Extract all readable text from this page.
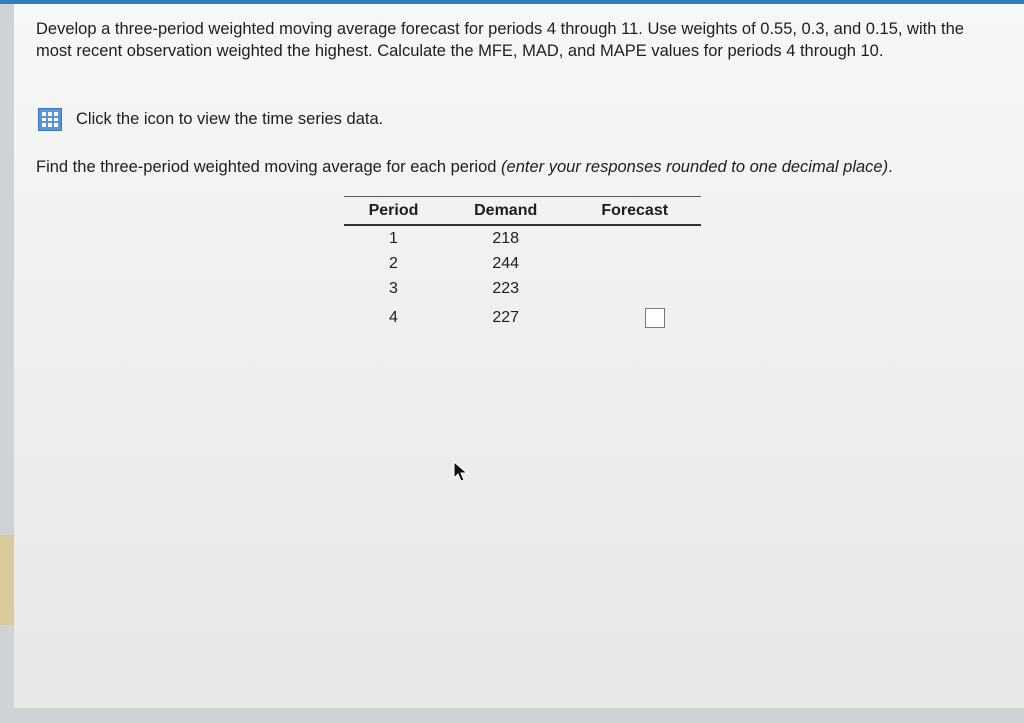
Develop a three-period weighted moving average forecast for periods 4 through 11. Use weights of 0.55, 0.3, and 0.15, with the most recent observation weighted the highest. Calculate the MFE, MAD, and MAPE values for periods 4 through 10.

Click the icon to view the time series data.

Find the three-period weighted moving average for each period (enter your responses rounded to one decimal place).

Period	Demand	Forecast
1	218	
2	244	
3	223	
4	227	
